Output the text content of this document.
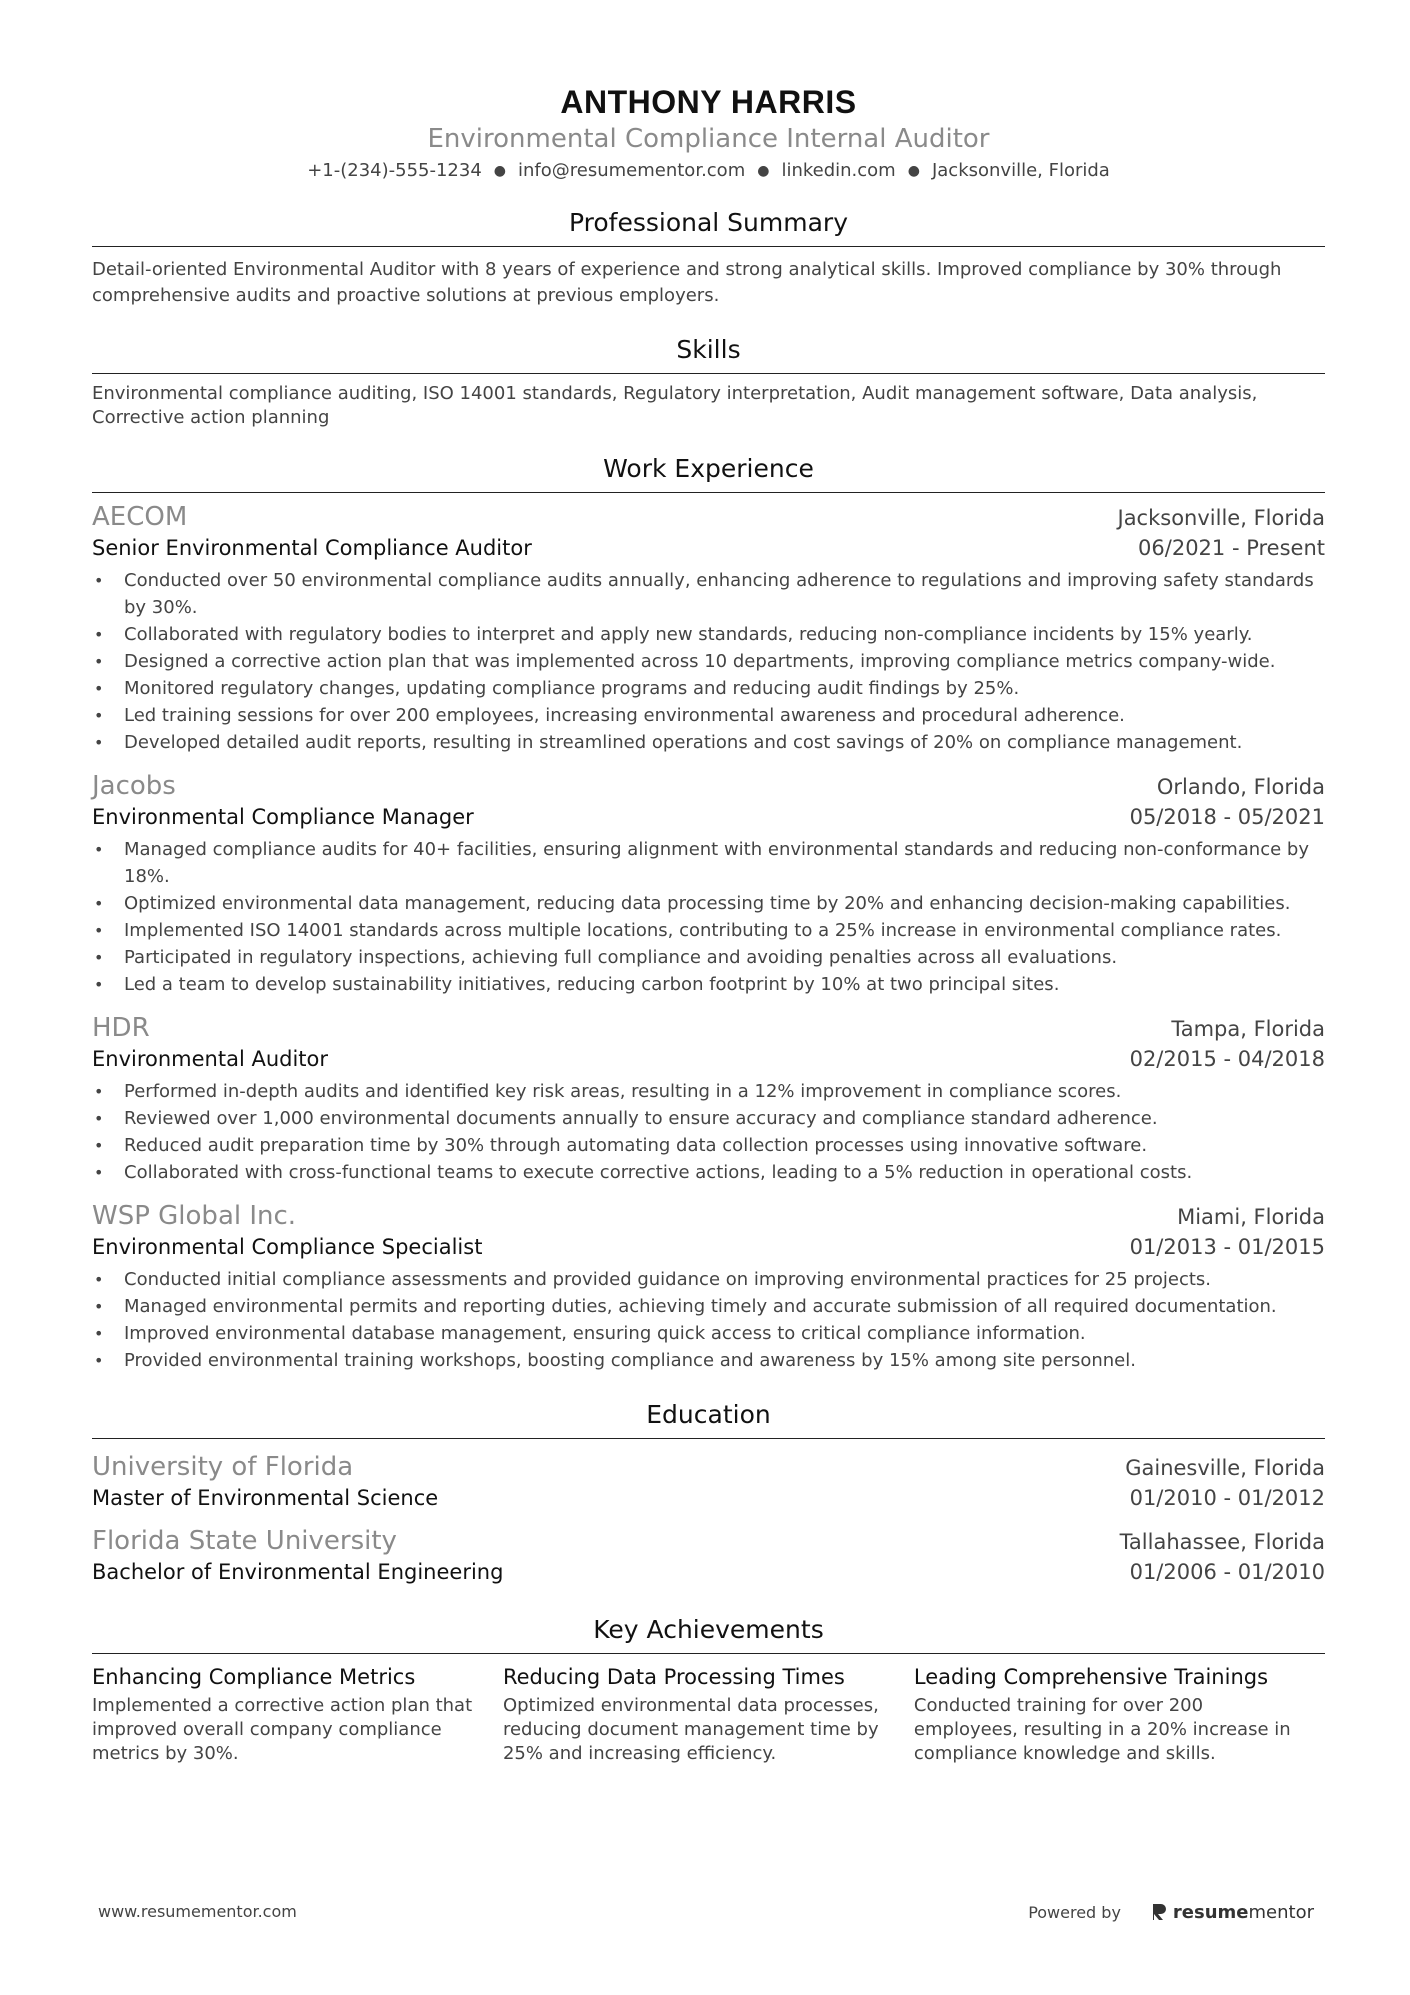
ANTHONY HARRIS
Environmental Compliance Internal Auditor
+1-(234)-555-1234 ● info@resumementor.com ● linkedin.com ● Jacksonville, Florida
Professional Summary
Detail-oriented Environmental Auditor with 8 years of experience and strong analytical skills. Improved compliance by 30% through comprehensive audits and proactive solutions at previous employers.
Skills
Environmental compliance auditing, ISO 14001 standards, Regulatory interpretation, Audit management software, Data analysis, Corrective action planning
Work Experience
AECOM	Jacksonville, Florida
Senior Environmental Compliance Auditor	06/2021 - Present
• Conducted over 50 environmental compliance audits annually, enhancing adherence to regulations and improving safety standards by 30%.
• Collaborated with regulatory bodies to interpret and apply new standards, reducing non-compliance incidents by 15% yearly.
• Designed a corrective action plan that was implemented across 10 departments, improving compliance metrics company-wide.
• Monitored regulatory changes, updating compliance programs and reducing audit findings by 25%.
• Led training sessions for over 200 employees, increasing environmental awareness and procedural adherence.
• Developed detailed audit reports, resulting in streamlined operations and cost savings of 20% on compliance management.
Jacobs	Orlando, Florida
Environmental Compliance Manager	05/2018 - 05/2021
• Managed compliance audits for 40+ facilities, ensuring alignment with environmental standards and reducing non-conformance by 18%.
• Optimized environmental data management, reducing data processing time by 20% and enhancing decision-making capabilities.
• Implemented ISO 14001 standards across multiple locations, contributing to a 25% increase in environmental compliance rates.
• Participated in regulatory inspections, achieving full compliance and avoiding penalties across all evaluations.
• Led a team to develop sustainability initiatives, reducing carbon footprint by 10% at two principal sites.
HDR	Tampa, Florida
Environmental Auditor	02/2015 - 04/2018
• Performed in-depth audits and identified key risk areas, resulting in a 12% improvement in compliance scores.
• Reviewed over 1,000 environmental documents annually to ensure accuracy and compliance standard adherence.
• Reduced audit preparation time by 30% through automating data collection processes using innovative software.
• Collaborated with cross-functional teams to execute corrective actions, leading to a 5% reduction in operational costs.
WSP Global Inc.	Miami, Florida
Environmental Compliance Specialist	01/2013 - 01/2015
• Conducted initial compliance assessments and provided guidance on improving environmental practices for 25 projects.
• Managed environmental permits and reporting duties, achieving timely and accurate submission of all required documentation.
• Improved environmental database management, ensuring quick access to critical compliance information.
• Provided environmental training workshops, boosting compliance and awareness by 15% among site personnel.
Education
University of Florida	Gainesville, Florida
Master of Environmental Science	01/2010 - 01/2012
Florida State University	Tallahassee, Florida
Bachelor of Environmental Engineering	01/2006 - 01/2010
Key Achievements
Enhancing Compliance Metrics
Implemented a corrective action plan that improved overall company compliance metrics by 30%.
Reducing Data Processing Times
Optimized environmental data processes, reducing document management time by 25% and increasing efficiency.
Leading Comprehensive Trainings
Conducted training for over 200 employees, resulting in a 20% increase in compliance knowledge and skills.
www.resumementor.com	Powered by	resume mentor
